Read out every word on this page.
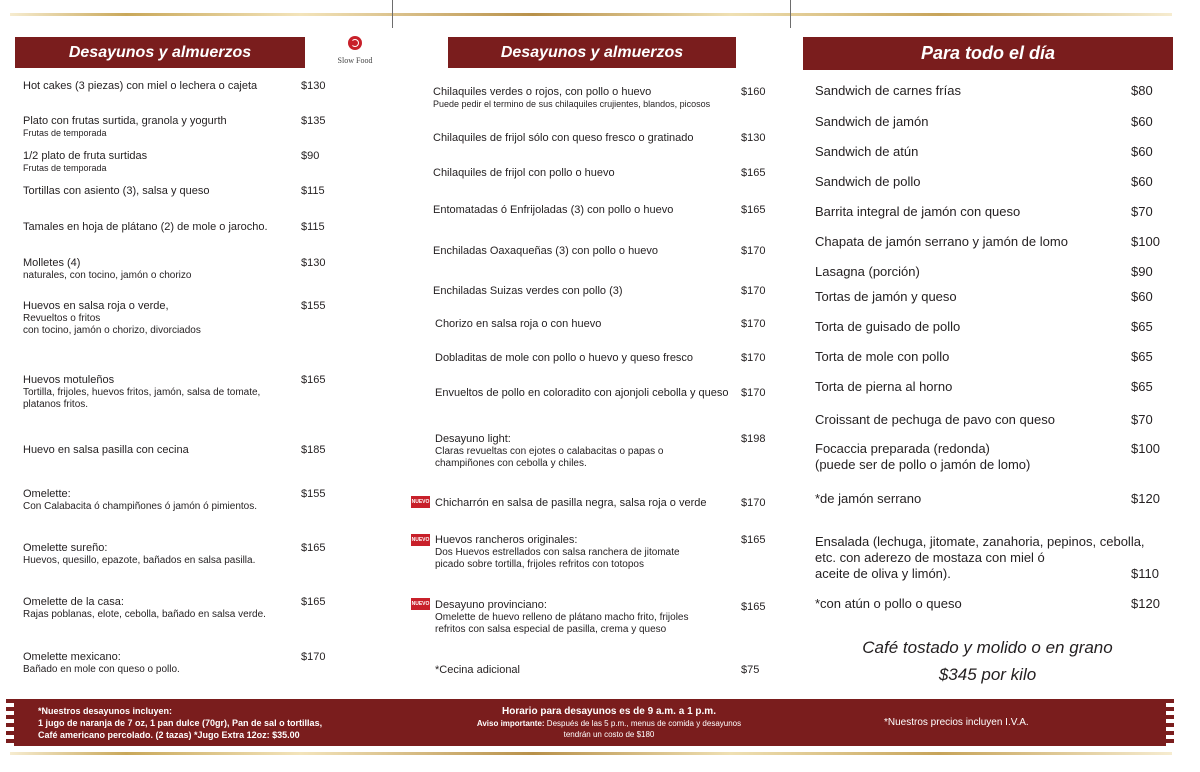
Desayunos y almuerzos	Slow Food
Hot cakes (3 piezas) con miel o lechera o cajeta	$130
Plato con frutas surtida, granola y yogurth
Frutas de temporada
$135
1/2 plato de fruta surtidas
Frutas de temporada
$90
Tortillas con asiento (3), salsa y queso	$115
Tamales en hoja de plátano (2) de mole o jarocho.	$115
Molletes (4)
naturales, con tocino, jamón o chorizo
$130
Huevos en salsa roja o verde,
Revueltos o fritos
con tocino, jamón o chorizo, divorciados
$155
Huevos motuleños
Tortilla, frijoles, huevos fritos, jamón, salsa de tomate,
platanos fritos.
$165
Huevo en salsa pasilla con cecina	$185
Omelette:
Con Calabacita ó champiñones ó jamón ó pimientos.
$155
Omelette sureño:
Huevos, quesillo, epazote, bañados en salsa pasilla.
$165
Omelette de la casa:
Rajas poblanas, elote, cebolla, bañado en salsa verde.
$165
Omelette mexicano:
Bañado en mole con queso o pollo.
$170
Desayunos y almuerzos
Chilaquiles verdes o rojos, con pollo o huevo
Puede pedir el termino de sus chilaquiles crujientes, blandos, picosos
$160
Chilaquiles de frijol sólo con queso fresco o gratinado	$130
Chilaquiles de frijol con pollo o huevo	$165
Entomatadas ó Enfrijoladas (3) con pollo o huevo	$165
Enchiladas Oaxaqueñas (3) con pollo o huevo	$170
Enchiladas Suizas verdes con pollo (3)	$170
Chorizo en salsa roja o con huevo	$170
Dobladitas de mole con pollo o huevo y queso fresco	$170
Envueltos de pollo en coloradito con ajonjoli cebolla y queso	$170
Desayuno light:
Claras revueltas con ejotes o calabacitas o papas o
champiñones con cebolla y chiles.
$198
NUEVO Chicharrón en salsa de pasilla negra, salsa roja o verde	$170
NUEVO Huevos rancheros originales:
Dos Huevos estrellados con salsa ranchera de jitomate
picado sobre tortilla, frijoles refritos con totopos
$165
NUEVO Desayuno provinciano:
Omelette de huevo relleno de plátano macho frito, frijoles
refritos con salsa especial de pasilla, crema y queso
$165
*Cecina adicional	$75
Para todo el día
Sandwich de carnes frías	$80
Sandwich de jamón	$60
Sandwich de atún	$60
Sandwich de pollo	$60
Barrita integral de jamón con queso	$70
Chapata de jamón serrano y jamón de lomo	$100
Lasagna (porción)	$90
Tortas de jamón y queso	$60
Torta de guisado de pollo	$65
Torta de mole con pollo	$65
Torta de pierna al horno	$65
Croissant de pechuga de pavo con queso	$70
Focaccia preparada (redonda)
(puede ser de pollo o jamón de lomo)
$100
*de jamón serrano	$120
Ensalada (lechuga, jitomate, zanahoria, pepinos, cebolla,
etc. con aderezo de mostaza con miel ó
aceite de oliva y limón).	$110
*con atún o pollo o queso	$120
Café tostado y molido o en grano
$345 por kilo
*Nuestros desayunos incluyen:
1 jugo de naranja de 7 oz, 1 pan dulce (70gr), Pan de sal o tortillas,
Café americano percolado. (2 tazas) *Jugo Extra 12oz: $35.00
Horario para desayunos es de 9 a.m. a 1 p.m.
Aviso importante: Después de las 5 p.m., menus de comida y desayunos
tendrán un costo de $180
*Nuestros precios incluyen I.V.A.
